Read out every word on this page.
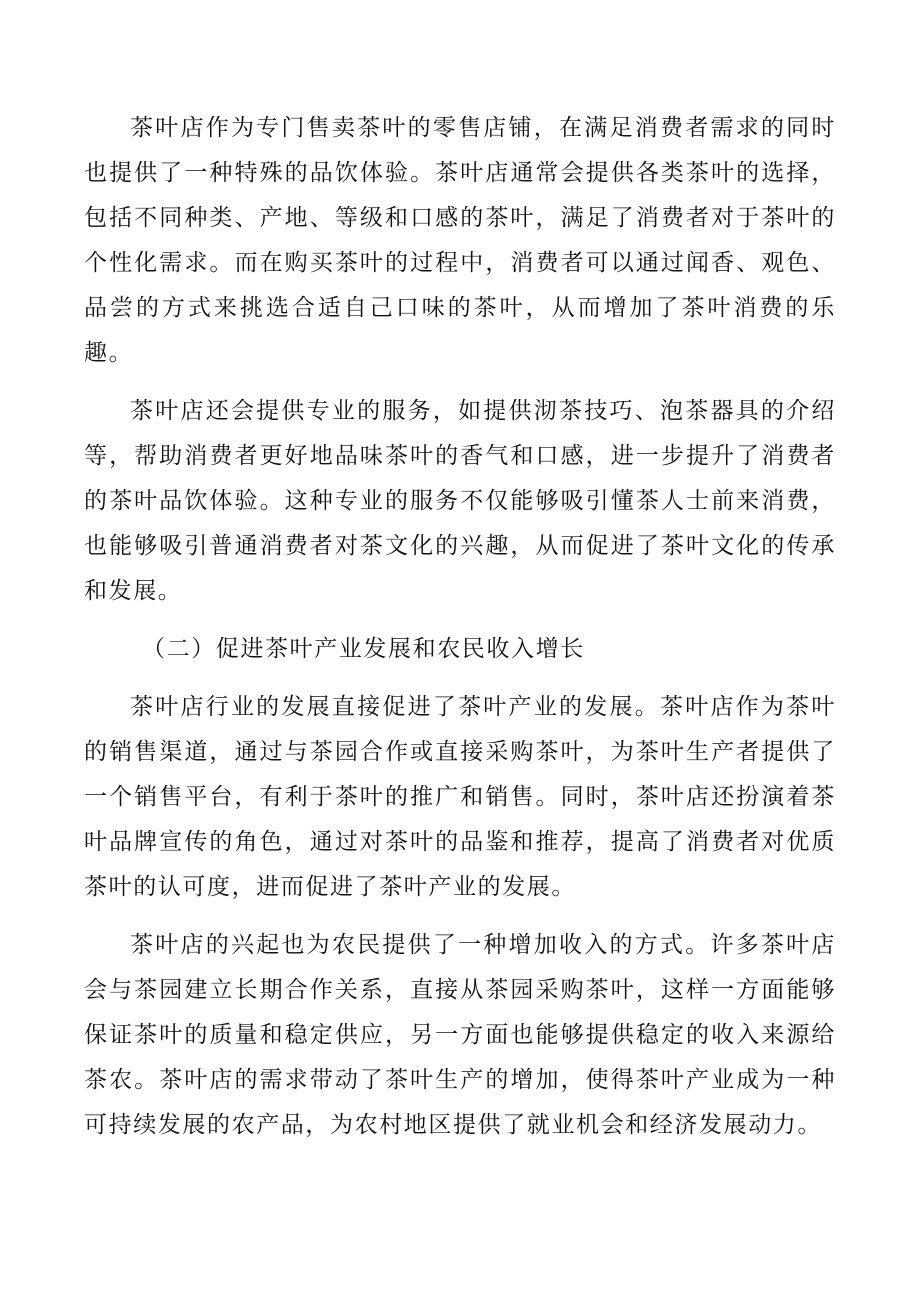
茶叶店作为专门售卖茶叶的零售店铺，在满足消费者需求的同时也提供了一种特殊的品饮体验。茶叶店通常会提供各类茶叶的选择，包括不同种类、产地、等级和口感的茶叶，满足了消费者对于茶叶的个性化需求。而在购买茶叶的过程中，消费者可以通过闻香、观色、品尝的方式来挑选合适自己口味的茶叶，从而增加了茶叶消费的乐趣。

茶叶店还会提供专业的服务，如提供沏茶技巧、泡茶器具的介绍等，帮助消费者更好地品味茶叶的香气和口感，进一步提升了消费者的茶叶品饮体验。这种专业的服务不仅能够吸引懂茶人士前来消费，也能够吸引普通消费者对茶文化的兴趣，从而促进了茶叶文化的传承和发展。

（二）促进茶叶产业发展和农民收入增长

茶叶店行业的发展直接促进了茶叶产业的发展。茶叶店作为茶叶的销售渠道，通过与茶园合作或直接采购茶叶，为茶叶生产者提供了一个销售平台，有利于茶叶的推广和销售。同时，茶叶店还扮演着茶叶品牌宣传的角色，通过对茶叶的品鉴和推荐，提高了消费者对优质茶叶的认可度，进而促进了茶叶产业的发展。

茶叶店的兴起也为农民提供了一种增加收入的方式。许多茶叶店会与茶园建立长期合作关系，直接从茶园采购茶叶，这样一方面能够保证茶叶的质量和稳定供应，另一方面也能够提供稳定的收入来源给茶农。茶叶店的需求带动了茶叶生产的增加，使得茶叶产业成为一种可持续发展的农产品，为农村地区提供了就业机会和经济发展动力。
